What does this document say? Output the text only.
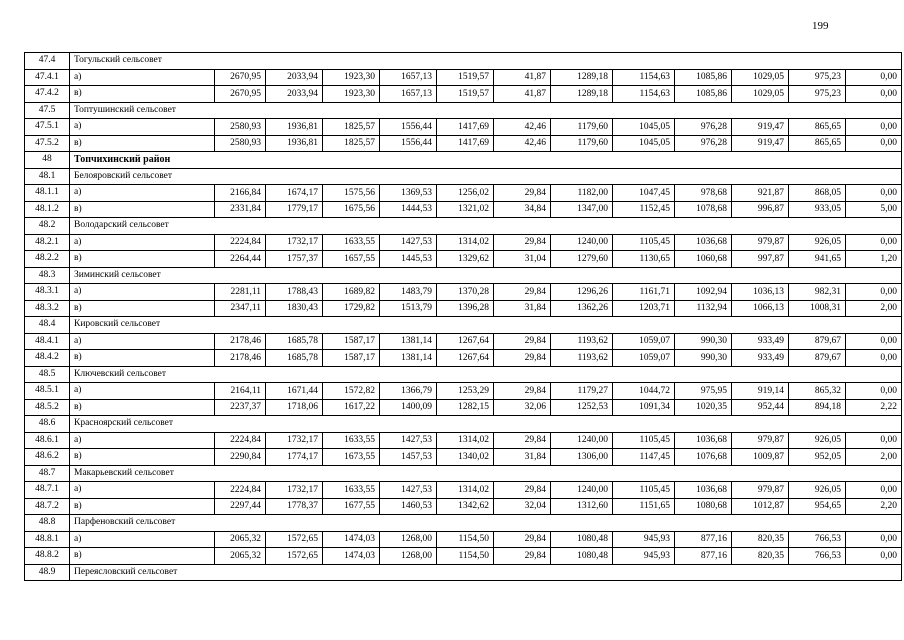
199
47.4	Тогульский сельсовет												
47.4.1	а)	2670,95	2033,94	1923,30	1657,13	1519,57	41,87	1289,18	1154,63	1085,86	1029,05	975,23	0,00
47.4.2	в)	2670,95	2033,94	1923,30	1657,13	1519,57	41,87	1289,18	1154,63	1085,86	1029,05	975,23	0,00
47.5	Топтушинский сельсовет												
47.5.1	а)	2580,93	1936,81	1825,57	1556,44	1417,69	42,46	1179,60	1045,05	976,28	919,47	865,65	0,00
47.5.2	в)	2580,93	1936,81	1825,57	1556,44	1417,69	42,46	1179,60	1045,05	976,28	919,47	865,65	0,00
48	Топчихинский район												
48.1	Белояровский сельсовет												
48.1.1	а)	2166,84	1674,17	1575,56	1369,53	1256,02	29,84	1182,00	1047,45	978,68	921,87	868,05	0,00
48.1.2	в)	2331,84	1779,17	1675,56	1444,53	1321,02	34,84	1347,00	1152,45	1078,68	996,87	933,05	5,00
48.2	Володарский сельсовет												
48.2.1	а)	2224,84	1732,17	1633,55	1427,53	1314,02	29,84	1240,00	1105,45	1036,68	979,87	926,05	0,00
48.2.2	в)	2264,44	1757,37	1657,55	1445,53	1329,62	31,04	1279,60	1130,65	1060,68	997,87	941,65	1,20
48.3	Зиминский сельсовет												
48.3.1	а)	2281,11	1788,43	1689,82	1483,79	1370,28	29,84	1296,26	1161,71	1092,94	1036,13	982,31	0,00
48.3.2	в)	2347,11	1830,43	1729,82	1513,79	1396,28	31,84	1362,26	1203,71	1132,94	1066,13	1008,31	2,00
48.4	Кировский сельсовет												
48.4.1	а)	2178,46	1685,78	1587,17	1381,14	1267,64	29,84	1193,62	1059,07	990,30	933,49	879,67	0,00
48.4.2	в)	2178,46	1685,78	1587,17	1381,14	1267,64	29,84	1193,62	1059,07	990,30	933,49	879,67	0,00
48.5	Ключевский сельсовет												
48.5.1	а)	2164,11	1671,44	1572,82	1366,79	1253,29	29,84	1179,27	1044,72	975,95	919,14	865,32	0,00
48.5.2	в)	2237,37	1718,06	1617,22	1400,09	1282,15	32,06	1252,53	1091,34	1020,35	952,44	894,18	2,22
48.6	Красноярский сельсовет												
48.6.1	а)	2224,84	1732,17	1633,55	1427,53	1314,02	29,84	1240,00	1105,45	1036,68	979,87	926,05	0,00
48.6.2	в)	2290,84	1774,17	1673,55	1457,53	1340,02	31,84	1306,00	1147,45	1076,68	1009,87	952,05	2,00
48.7	Макарьевский сельсовет												
48.7.1	а)	2224,84	1732,17	1633,55	1427,53	1314,02	29,84	1240,00	1105,45	1036,68	979,87	926,05	0,00
48.7.2	в)	2297,44	1778,37	1677,55	1460,53	1342,62	32,04	1312,60	1151,65	1080,68	1012,87	954,65	2,20
48.8	Парфеновский сельсовет												
48.8.1	а)	2065,32	1572,65	1474,03	1268,00	1154,50	29,84	1080,48	945,93	877,16	820,35	766,53	0,00
48.8.2	в)	2065,32	1572,65	1474,03	1268,00	1154,50	29,84	1080,48	945,93	877,16	820,35	766,53	0,00
48.9	Переясловский сельсовет												
